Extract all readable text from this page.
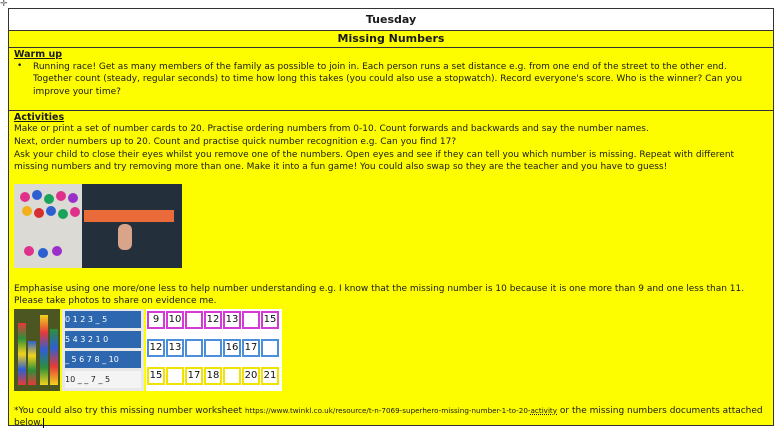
✛
Tuesday
Missing Numbers
Warm up
• Running race! Get as many members of the family as possible to join in. Each person runs a set distance e.g. from one end of the street to the other end. Together count (steady, regular seconds) to time how long this takes (you could also use a stopwatch). Record everyone's score. Who is the winner? Can you improve your time?

Activities

Make or print a set of number cards to 20. Practise ordering numbers from 0-10. Count forwards and backwards and say the number names.

Next, order numbers up to 20. Count and practise quick number recognition e.g. Can you find 17?

Ask your child to close their eyes whilst you remove one of the numbers. Open eyes and see if they can tell you which number is missing. Repeat with different missing numbers and try removing more than one. Make it into a fun game! You could also swap so they are the teacher and you have to guess!

Emphasise using one more/one less to help number understanding e.g. I know that the missing number is 10 because it is one more than 9 and one less than 11. Please take photos to share on evidence me.

0 1 2 3 _ 5
5 4 3 2 1 0
_ 5 6 7 8 _ 10
10 _ _ 7 _ 5
9 10	12 13	15
12 13	16 17
15	17 18	20 21

*You could also try this missing number worksheet https://www.twinkl.co.uk/resource/t-n-7069-superhero-missing-number-1-to-20-activity or the missing numbers documents attached below.
